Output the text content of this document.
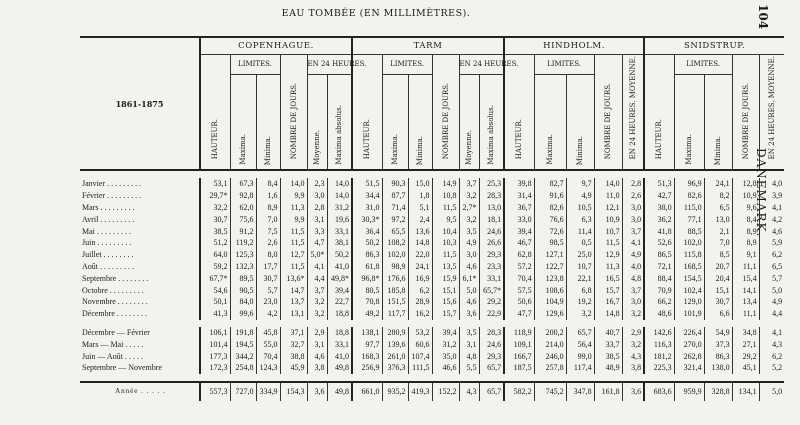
EAU TOMBÉE (EN MILLIMÈTRES).	104
DANEMARK.
1861-1875	COPENHAGUE.						TARM						HINDHOLM.					SNIDSTRUP.				

	HAUTEUR.	LIMITES.		NOMBRE DE JOURS.	EN 24 HEURES.		HAUTEUR.	LIMITES.		NOMBRE DE JOURS.	EN 24 HEURES.		HAUTEUR.	LIMITES.		NOMBRE DE JOURS.	EN 24 HEURES. MOYENNE.	HAUTEUR.	LIMITES.		NOMBRE DE JOURS.	EN 24 HEURES. MOYENNE.

		Maxima.	Minima.		Moyenne.	Maxima absolus.		Maxima.	Minima.		Moyenne.	Maxima absolus.		Maxima.	Minima.				Maxima.	Minima.		

Janvier . . . . . . . . .	53,1	67,3	8,4	14,0	2,3	14,0	51,5	90,3	15,0	14,9	3,7	25,3	39,8	82,7	9,7	14,0	2,8	51,3	96,9	24,1	12,8	4,0
Février . . . . . . . . .	29,7*	92,8	1,6	9,9	3,0	14,0	34,4	87,7	1,8	10,8	3,2	28,3	31,4	91,6	4,9	11,0	2,6	42,7	82,6	8,2	10,9	3,9
Mars . . . . . . . . .	32,2	62,0	8,9	11,3	2,8	31,2	31,0	71,4	5,1	11,5	2,7*	13,0	36,7	82,6	10,5	12,1	3,0	38,0	115,0	6,5	9,6	4,1
Avril . . . . . . . . .	30,7	75,6	7,0	9,9	3,1	19,6	30,3*	97,2	2,4	9,5	3,2	18,1	33,0	76,6	6,3	10,9	3,0	36,2	77,1	13,0	8,4	4,2
Mai . . . . . . . . .	38,5	91,2	7,5	11,5	3,3	33,1	36,4	65,5	13,6	10,4	3,5	24,6	39,4	72,6	11,4	10,7	3,7	41,8	88,5	2,1	8,9	4,6
Juin . . . . . . . . .	51,2	119,2	2,6	11,5	4,7	38,1	50,2	108,2	14,8	10,3	4,9	26,6	46,7	98,5	0,5	11,5	4,1	52,6	102,0	7,0	8,9	5,9
Juillet . . . . . . . .	64,0	125,3	8,0	12,7	5,0*	50,2	86,3	102,0	22,0	11,5	3,0	29,3	62,8	127,1	25,0	12,9	4,9	86,5	115,8	8,5	9,1	6,2
Août . . . . . . . . .	59,2	132,3	17,7	11,5	4,1	41,0	61,8	98,9	24,1	13,5	4,6	23,3	57,2	122,7	10,7	11,3	4,0	72,1	168,5	20,7	11,1	6,5
Septembre . . . . . . . .	67,7*	89,5	30,7	13,6*	4,4	49,8*	96,8*	176,6	16,9	15,9	6,1*	33,1	70,4	123,8	22,1	16,5	4,8	88,4	154,5	20,4	15,4	5,7
Octobre . . . . . . . . .	54,6	90,5	5,7	14,7	3,7	39,4	80,5	185,8	6,2	15,1	5,0	65,7*	57,5	108,6	6,8	15,7	3,7	70,9	102,4	15,1	14,1	5,0
Novembre . . . . . . . .	50,1	84,0	23,0	13,7	3,2	22,7	70,8	151,5	28,9	15,6	4,6	29,2	50,6	104,9	19,2	16,7	3,0	66,2	129,0	30,7	13,4	4,9
Décembre . . . . . . . .	41,3	99,6	4,2	13,1	3,2	18,8	49,2	117,7	16,2	15,7	3,6	22,9	47,7	129,6	3,2	14,8	3,2	48,6	101,9	6,6	11,1	4,4

Décembre — Février	106,1	191,8	45,8	37,1	2,9	18,8	138,1	280,9	53,2	39,4	3,5	28,3	118,9	200,2	65,7	40,7	2,9	142,6	226,4	54,9	34,8	4,1
Mars — Mai . . . . .	101,4	194,5	55,0	32,7	3,1	33,1	97,7	139,6	60,6	31,2	3,1	24,6	109,1	214,0	56,4	33,7	3,2	116,3	270,0	37,3	27,1	4,3
Juin — Août . . . . .	177,3	344,2	70,4	38,8	4,6	41,0	168,3	261,0	107,4	35,0	4,8	29,3	166,7	246,0	99,0	38,5	4,3	181,2	262,8	86,3	29,2	6,2
Septembre — Novembre	172,3	254,8	124,3	45,9	3,8	49,8	256,9	376,3	111,5	46,6	5,5	65,7	187,5	257,8	117,4	48,9	3,8	225,3	321,4	138,0	45,1	5,2

Année . . . . .	557,3	727,0	334,9	154,3	3,6	49,8	661,0	935,2	419,3	152,2	4,3	65,7	582,2	745,2	347,8	161,8	3,6	683,6	959,9	328,8	134,1	5,0
